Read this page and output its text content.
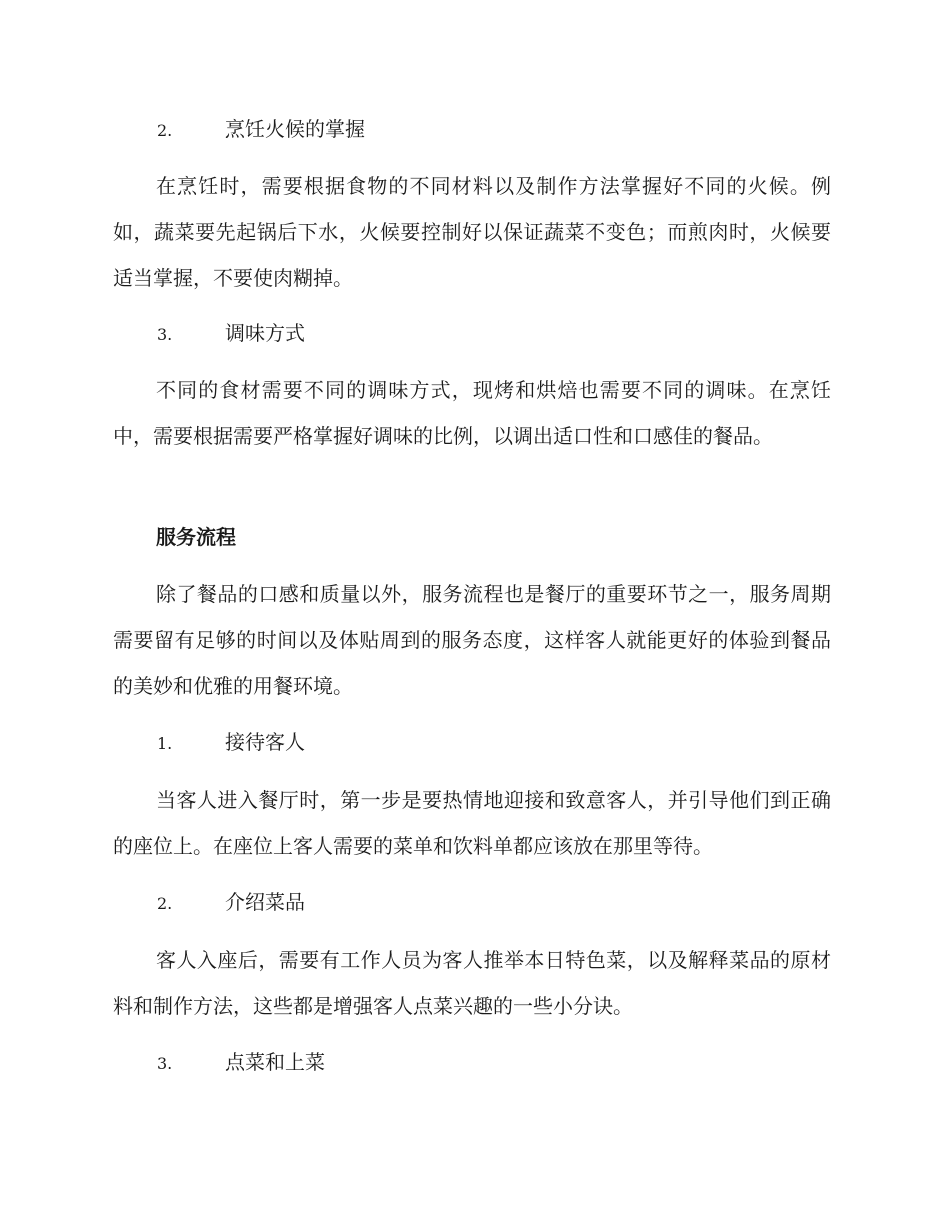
2.	烹饪火候的掌握

在烹饪时，需要根据食物的不同材料以及制作方法掌握好不同的火候。例如，蔬菜要先起锅后下水，火候要控制好以保证蔬菜不变色；而煎肉时，火候要适当掌握，不要使肉糊掉。

3.	调味方式

不同的食材需要不同的调味方式，现烤和烘焙也需要不同的调味。在烹饪中，需要根据需要严格掌握好调味的比例，以调出适口性和口感佳的餐品。

服务流程

除了餐品的口感和质量以外，服务流程也是餐厅的重要环节之一，服务周期需要留有足够的时间以及体贴周到的服务态度，这样客人就能更好的体验到餐品的美妙和优雅的用餐环境。

1.	接待客人

当客人进入餐厅时，第一步是要热情地迎接和致意客人，并引导他们到正确的座位上。在座位上客人需要的菜单和饮料单都应该放在那里等待。

2.	介绍菜品

客人入座后，需要有工作人员为客人推举本日特色菜，以及解释菜品的原材料和制作方法，这些都是增强客人点菜兴趣的一些小分诀。

3.	点菜和上菜
